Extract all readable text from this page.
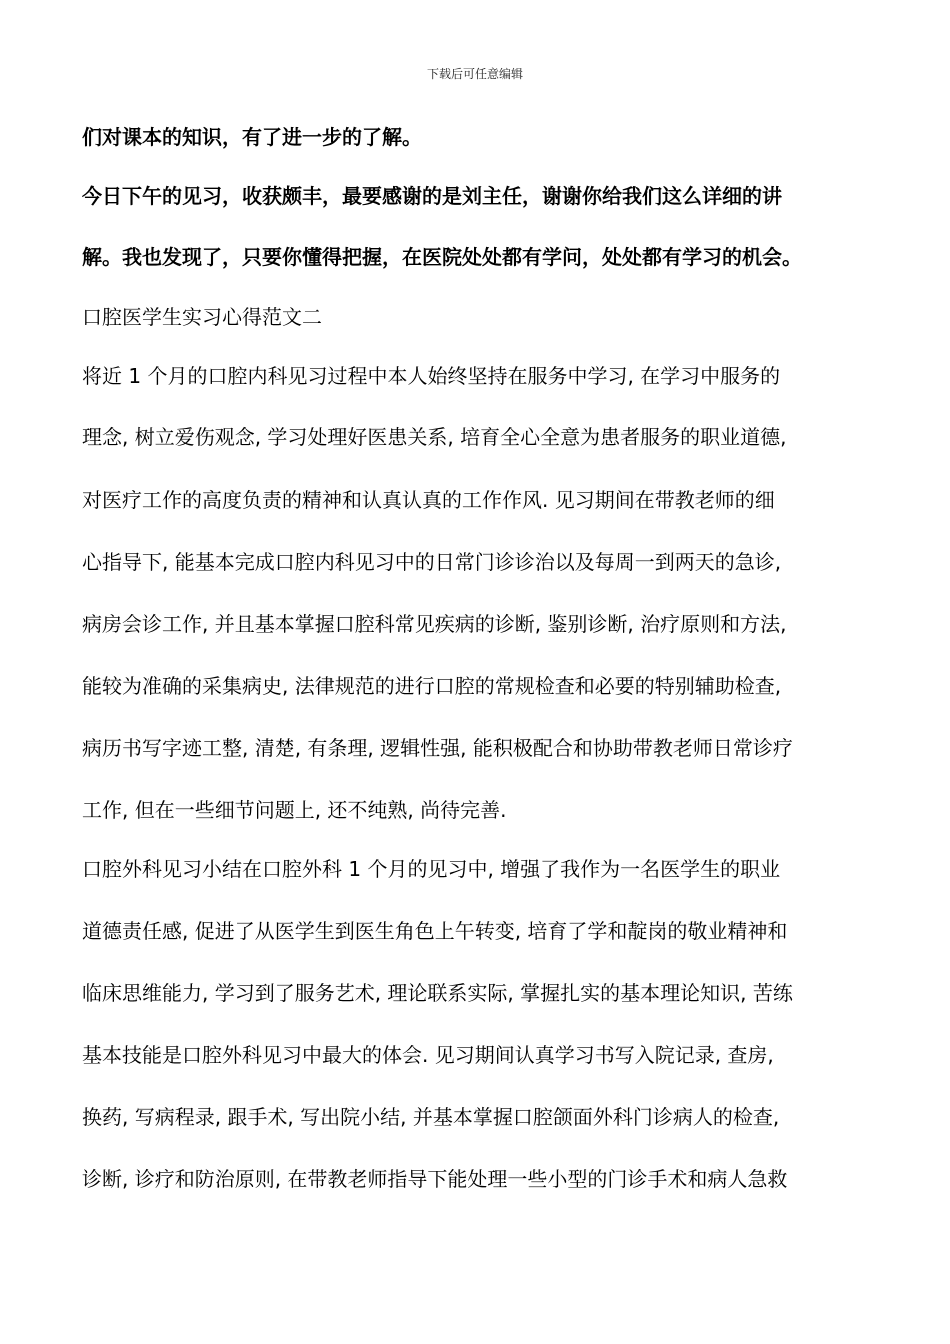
下载后可任意编辑
们对课本的知识，有了进一步的了解。
今日下午的见习，收获颇丰，最要感谢的是刘主任，谢谢你给我们这么详细的讲
解。我也发现了，只要你懂得把握，在医院处处都有学问，处处都有学习的机会。
口腔医学生实习心得范文二
将近 1 个月的口腔内科见习过程中本人始终坚持在服务中学习, 在学习中服务的
理念, 树立爱伤观念, 学习处理好医患关系, 培育全心全意为患者服务的职业道德,
对医疗工作的高度负责的精神和认真认真的工作作风. 见习期间在带教老师的细
心指导下, 能基本完成口腔内科见习中的日常门诊诊治以及每周一到两天的急诊,
病房会诊工作, 并且基本掌握口腔科常见疾病的诊断, 鉴别诊断, 治疗原则和方法,
能较为准确的采集病史, 法律规范的进行口腔的常规检查和必要的特别辅助检查,
病历书写字迹工整, 清楚, 有条理, 逻辑性强, 能积极配合和协助带教老师日常诊疗
工作, 但在一些细节问题上, 还不纯熟, 尚待完善.
口腔外科见习小结在口腔外科 1 个月的见习中, 增强了我作为一名医学生的职业
道德责任感, 促进了从医学生到医生角色上午转变, 培育了学和靛岗的敬业精神和
临床思维能力, 学习到了服务艺术, 理论联系实际, 掌握扎实的基本理论知识, 苦练
基本技能是口腔外科见习中最大的体会. 见习期间认真学习书写入院记录, 查房,
换药, 写病程录, 跟手术, 写出院小结, 并基本掌握口腔颌面外科门诊病人的检查,
诊断, 诊疗和防治原则, 在带教老师指导下能处理一些小型的门诊手术和病人急救
